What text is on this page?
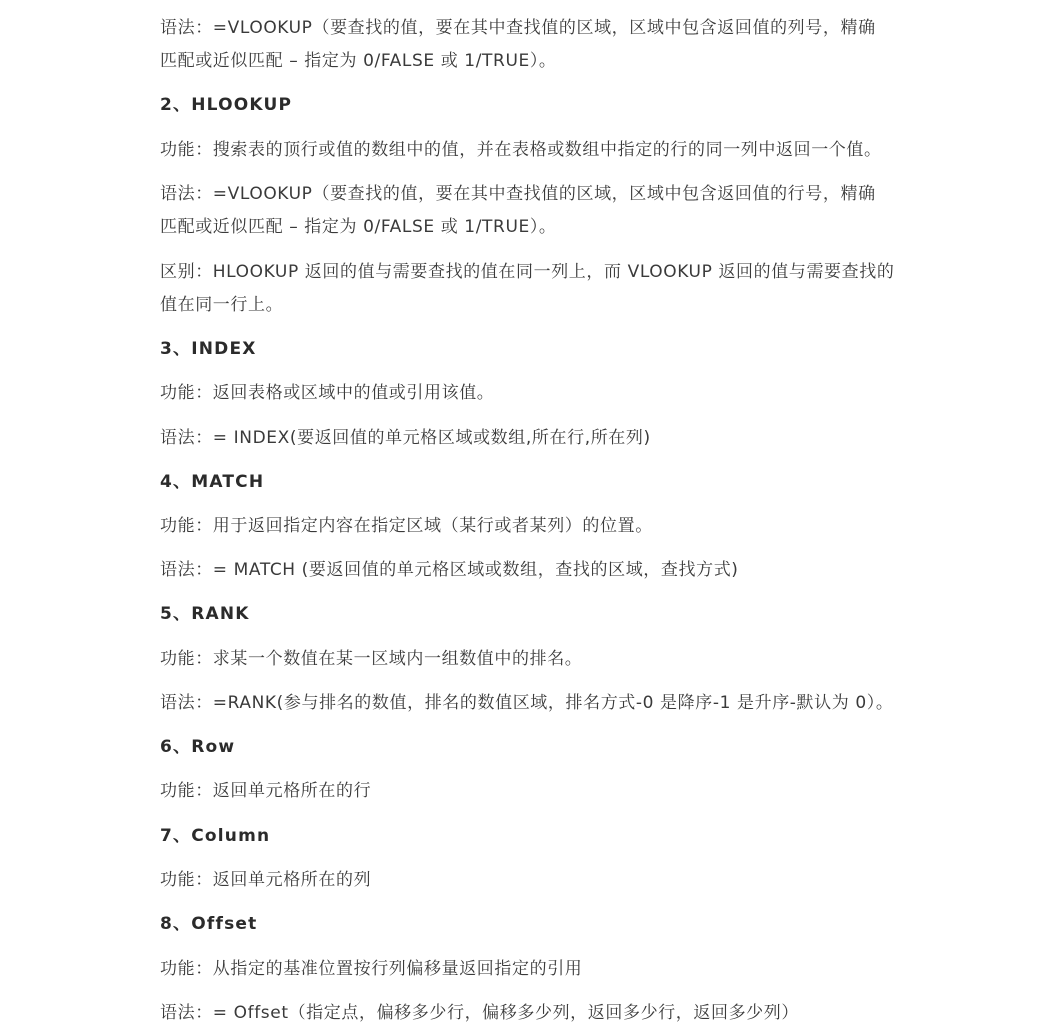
语法：=VLOOKUP（要查找的值，要在其中查找值的区域，区域中包含返回值的列号，精确
匹配或近似匹配 – 指定为 0/FALSE 或 1/TRUE）。
2、HLOOKUP
功能：搜索表的顶行或值的数组中的值，并在表格或数组中指定的行的同一列中返回一个值。
语法：=VLOOKUP（要查找的值，要在其中查找值的区域，区域中包含返回值的行号，精确
匹配或近似匹配 – 指定为 0/FALSE 或 1/TRUE）。
区别：HLOOKUP 返回的值与需要查找的值在同一列上，而 VLOOKUP 返回的值与需要查找的
值在同一行上。
3、INDEX
功能：返回表格或区域中的值或引用该值。
语法：= INDEX(要返回值的单元格区域或数组,所在行,所在列)
4、MATCH
功能：用于返回指定内容在指定区域（某行或者某列）的位置。
语法：= MATCH (要返回值的单元格区域或数组，查找的区域，查找方式)
5、RANK
功能：求某一个数值在某一区域内一组数值中的排名。
语法：=RANK(参与排名的数值，排名的数值区域，排名方式-0 是降序-1 是升序-默认为 0）。
6、Row
功能：返回单元格所在的行
7、Column
功能：返回单元格所在的列
8、Offset
功能：从指定的基准位置按行列偏移量返回指定的引用
语法：= Offset（指定点，偏移多少行，偏移多少列，返回多少行，返回多少列）
